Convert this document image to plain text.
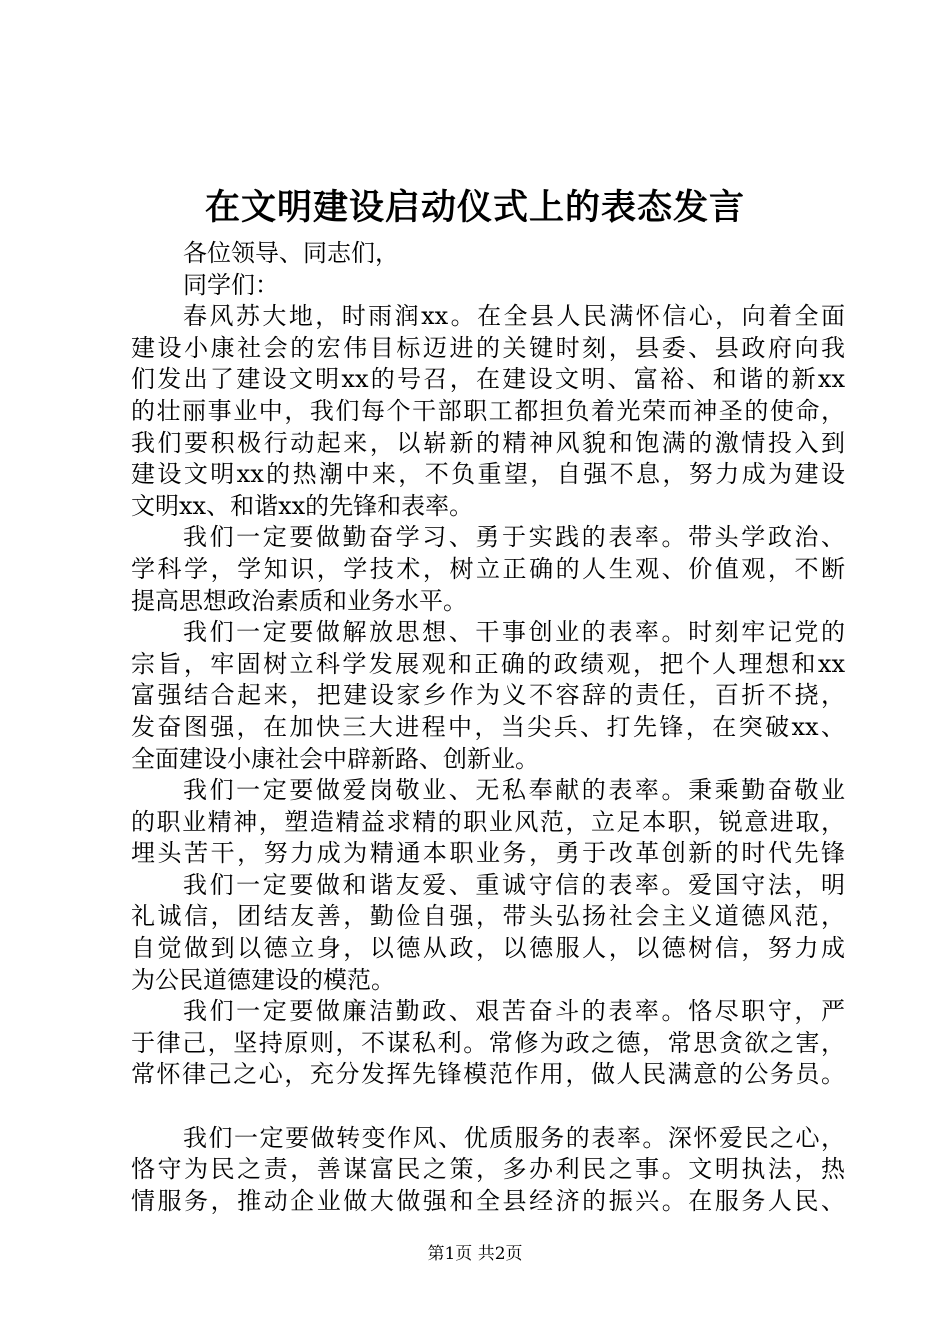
在文明建设启动仪式上的表态发言
各位领导、同志们，
同学们：
春风苏大地，时雨润xx。在全县人民满怀信心，向着全面
建设小康社会的宏伟目标迈进的关键时刻，县委、县政府向我
们发出了建设文明xx的号召，在建设文明、富裕、和谐的新xx
的壮丽事业中，我们每个干部职工都担负着光荣而神圣的使命，
我们要积极行动起来，以崭新的精神风貌和饱满的激情投入到
建设文明xx的热潮中来，不负重望，自强不息，努力成为建设
文明xx、和谐xx的先锋和表率。
我们一定要做勤奋学习、勇于实践的表率。带头学政治、
学科学，学知识，学技术，树立正确的人生观、价值观，不断
提高思想政治素质和业务水平。
我们一定要做解放思想、干事创业的表率。时刻牢记党的
宗旨，牢固树立科学发展观和正确的政绩观，把个人理想和xx
富强结合起来，把建设家乡作为义不容辞的责任，百折不挠，
发奋图强，在加快三大进程中，当尖兵、打先锋，在突破xx、
全面建设小康社会中辟新路、创新业。
我们一定要做爱岗敬业、无私奉献的表率。秉乘勤奋敬业
的职业精神，塑造精益求精的职业风范，立足本职，锐意进取，
埋头苦干，努力成为精通本职业务，勇于改革创新的时代先锋
我们一定要做和谐友爱、重诚守信的表率。爱国守法，明
礼诚信，团结友善，勤俭自强，带头弘扬社会主义道德风范，
自觉做到以德立身，以德从政，以德服人，以德树信，努力成
为公民道德建设的模范。
我们一定要做廉洁勤政、艰苦奋斗的表率。恪尽职守，严
于律己，坚持原则，不谋私利。常修为政之德，常思贪欲之害，
常怀律己之心，充分发挥先锋模范作用，做人民满意的公务员。
我们一定要做转变作风、优质服务的表率。深怀爱民之心，
恪守为民之责，善谋富民之策，多办利民之事。文明执法，热
情服务，推动企业做大做强和全县经济的振兴。在服务人民、
第1页 共2页
